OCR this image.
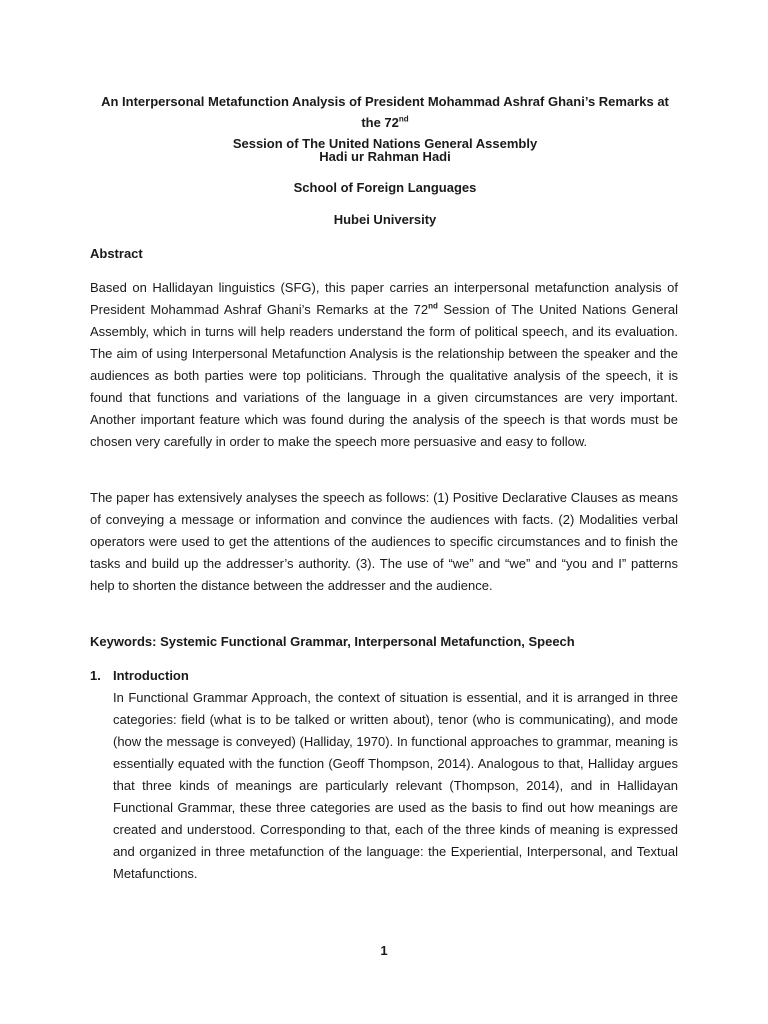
An Interpersonal Metafunction Analysis of President Mohammad Ashraf Ghani’s Remarks at the 72nd
Session of The United Nations General Assembly
Hadi ur Rahman Hadi
School of Foreign Languages
Hubei University
Abstract
Based on Hallidayan linguistics (SFG), this paper carries an interpersonal metafunction analysis of President Mohammad Ashraf Ghani’s Remarks at the 72nd Session of The United Nations General Assembly, which in turns will help readers understand the form of political speech, and its evaluation. The aim of using Interpersonal Metafunction Analysis is the relationship between the speaker and the audiences as both parties were top politicians. Through the qualitative analysis of the speech, it is found that functions and variations of the language in a given circumstances are very important. Another important feature which was found during the analysis of the speech is that words must be chosen very carefully in order to make the speech more persuasive and easy to follow.
The paper has extensively analyses the speech as follows: (1) Positive Declarative Clauses as means of conveying a message or information and convince the audiences with facts. (2) Modalities verbal operators were used to get the attentions of the audiences to specific circumstances and to finish the tasks and build up the addresser’s authority. (3). The use of “we” and “we” and “you and I” patterns help to shorten the distance between the addresser and the audience.
Keywords: Systemic Functional Grammar, Interpersonal Metafunction, Speech
1. Introduction
In Functional Grammar Approach, the context of situation is essential, and it is arranged in three categories: field (what is to be talked or written about), tenor (who is communicating), and mode (how the message is conveyed) (Halliday, 1970). In functional approaches to grammar, meaning is essentially equated with the function (Geoff Thompson, 2014). Analogous to that, Halliday argues that three kinds of meanings are particularly relevant (Thompson, 2014), and in Hallidayan Functional Grammar, these three categories are used as the basis to find out how meanings are created and understood. Corresponding to that, each of the three kinds of meaning is expressed and organized in three metafunction of the language: the Experiential, Interpersonal, and Textual Metafunctions.
1
